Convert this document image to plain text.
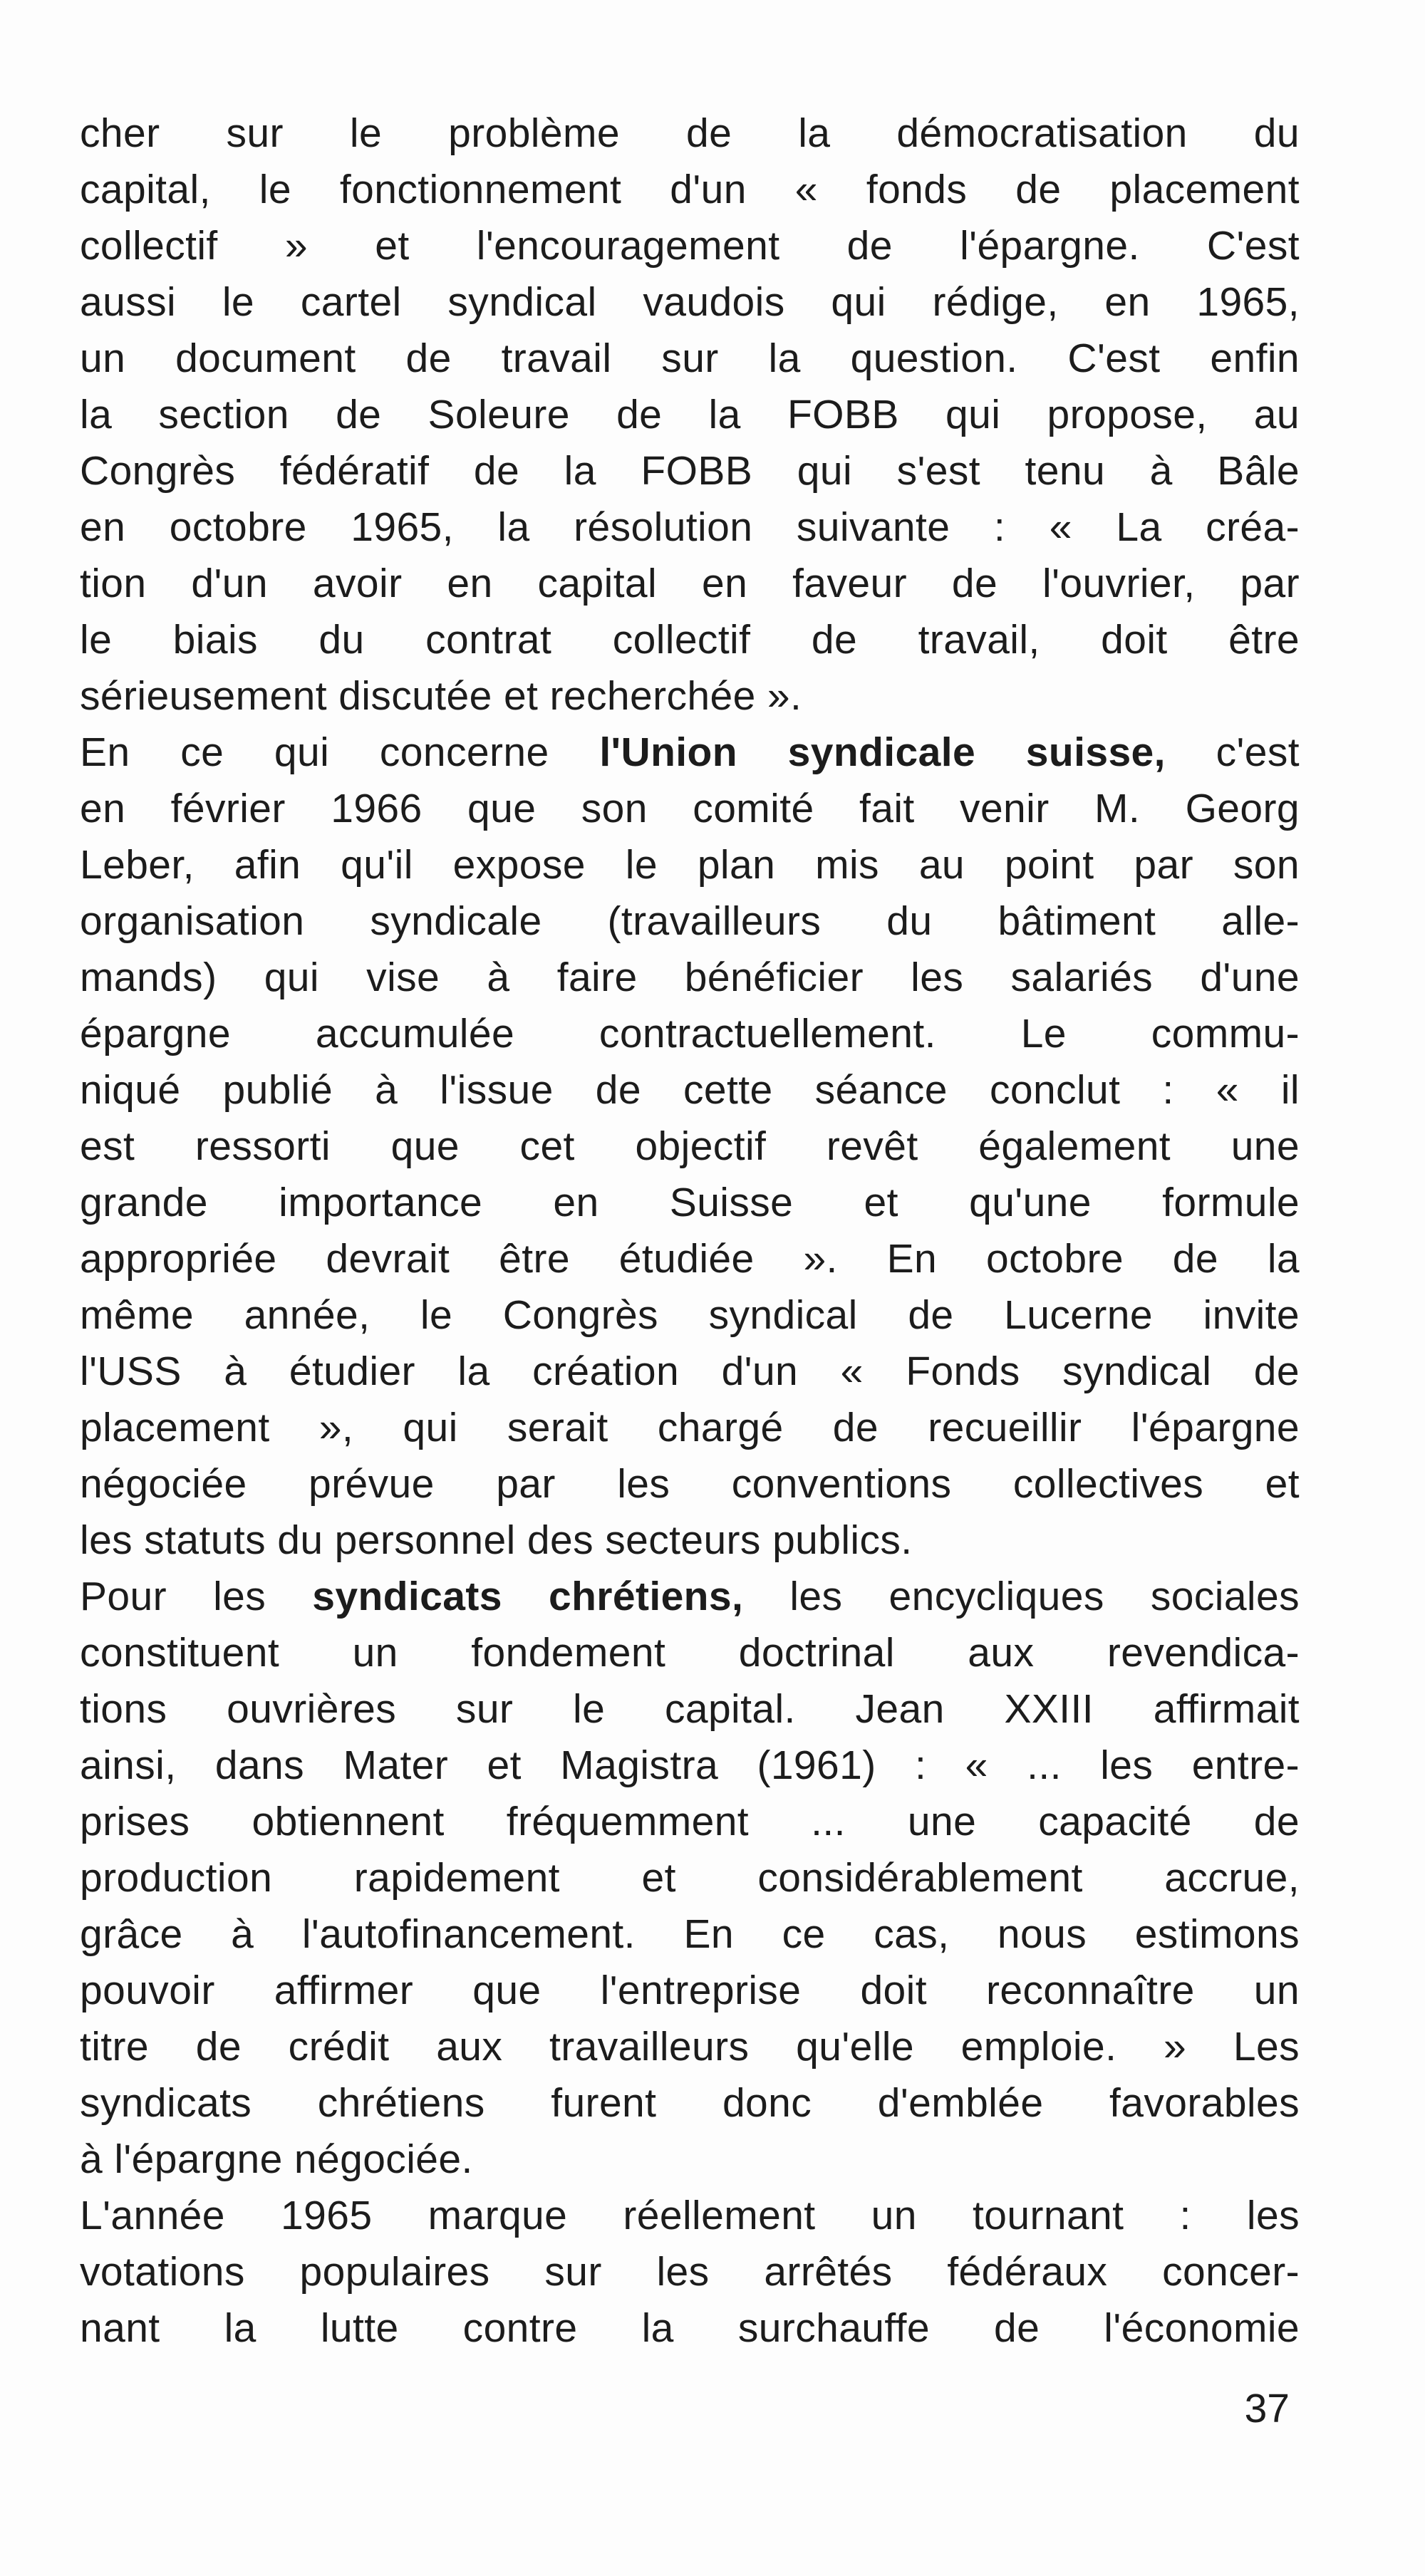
cher sur le problème de la démocratisation du
capital, le fonctionnement d'un « fonds de placement
collectif » et l'encouragement de l'épargne. C'est
aussi le cartel syndical vaudois qui rédige, en 1965,
un document de travail sur la question. C'est enfin
la section de Soleure de la FOBB qui propose, au
Congrès fédératif de la FOBB qui s'est tenu à Bâle
en octobre 1965, la résolution suivante : « La créa-
tion d'un avoir en capital en faveur de l'ouvrier, par
le biais du contrat collectif de travail, doit être
sérieusement discutée et recherchée ».
En ce qui concerne l'Union syndicale suisse, c'est
en février 1966 que son comité fait venir M. Georg
Leber, afin qu'il expose le plan mis au point par son
organisation syndicale (travailleurs du bâtiment alle-
mands) qui vise à faire bénéficier les salariés d'une
épargne accumulée contractuellement. Le commu-
niqué publié à l'issue de cette séance conclut : « il
est ressorti que cet objectif revêt également une
grande importance en Suisse et qu'une formule
appropriée devrait être étudiée ». En octobre de la
même année, le Congrès syndical de Lucerne invite
l'USS à étudier la création d'un « Fonds syndical de
placement », qui serait chargé de recueillir l'épargne
négociée prévue par les conventions collectives et
les statuts du personnel des secteurs publics.
Pour les syndicats chrétiens, les encycliques sociales
constituent un fondement doctrinal aux revendica-
tions ouvrières sur le capital. Jean XXIII affirmait
ainsi, dans Mater et Magistra (1961) : « ... les entre-
prises obtiennent fréquemment ... une capacité de
production rapidement et considérablement accrue,
grâce à l'autofinancement. En ce cas, nous estimons
pouvoir affirmer que l'entreprise doit reconnaître un
titre de crédit aux travailleurs qu'elle emploie. » Les
syndicats chrétiens furent donc d'emblée favorables
à l'épargne négociée.
L'année 1965 marque réellement un tournant : les
votations populaires sur les arrêtés fédéraux concer-
nant la lutte contre la surchauffe de l'économie
37
